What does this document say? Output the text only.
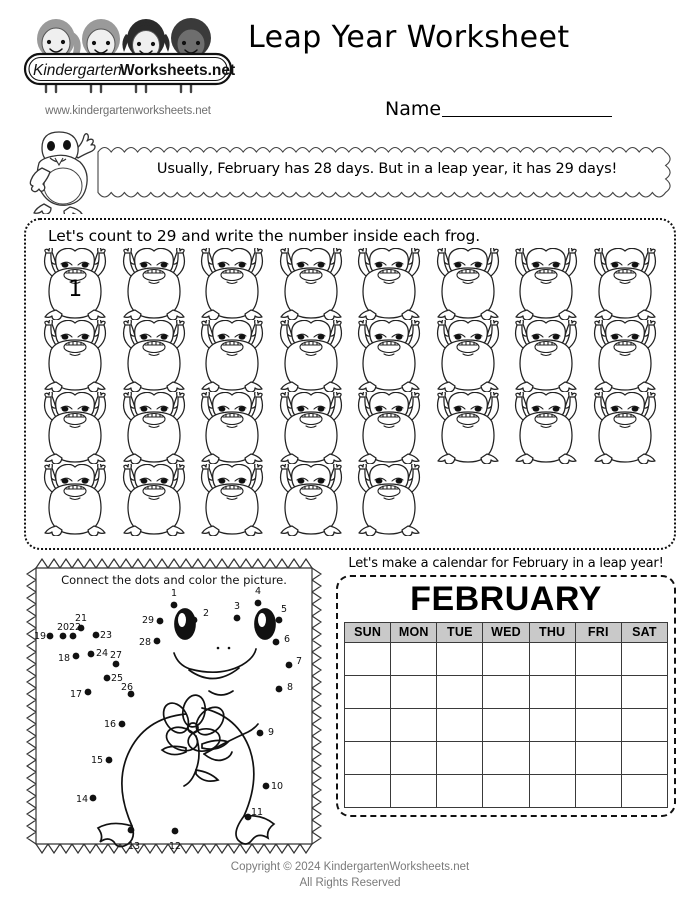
Kindergarten
Worksheets.net
www.kindergartenworksheets.net
Leap Year Worksheet
Name
Usually, February has 28 days. But in a leap year, it has 29 days!
Let's count to 29 and write the number inside each frog.
1
Connect the dots and color the picture.
1
2
3
4
5
6
7
8
9
10
11
12
13
14
15
16
17
18
19
20
21
22
23
24
25
26
27
28
29
Let's make a calendar for February in a leap year!
FEBRUARY
SUN	MON	TUE	WED	THU	FRI	SAT

Copyright © 2024 KindergartenWorksheets.net
All Rights Reserved
